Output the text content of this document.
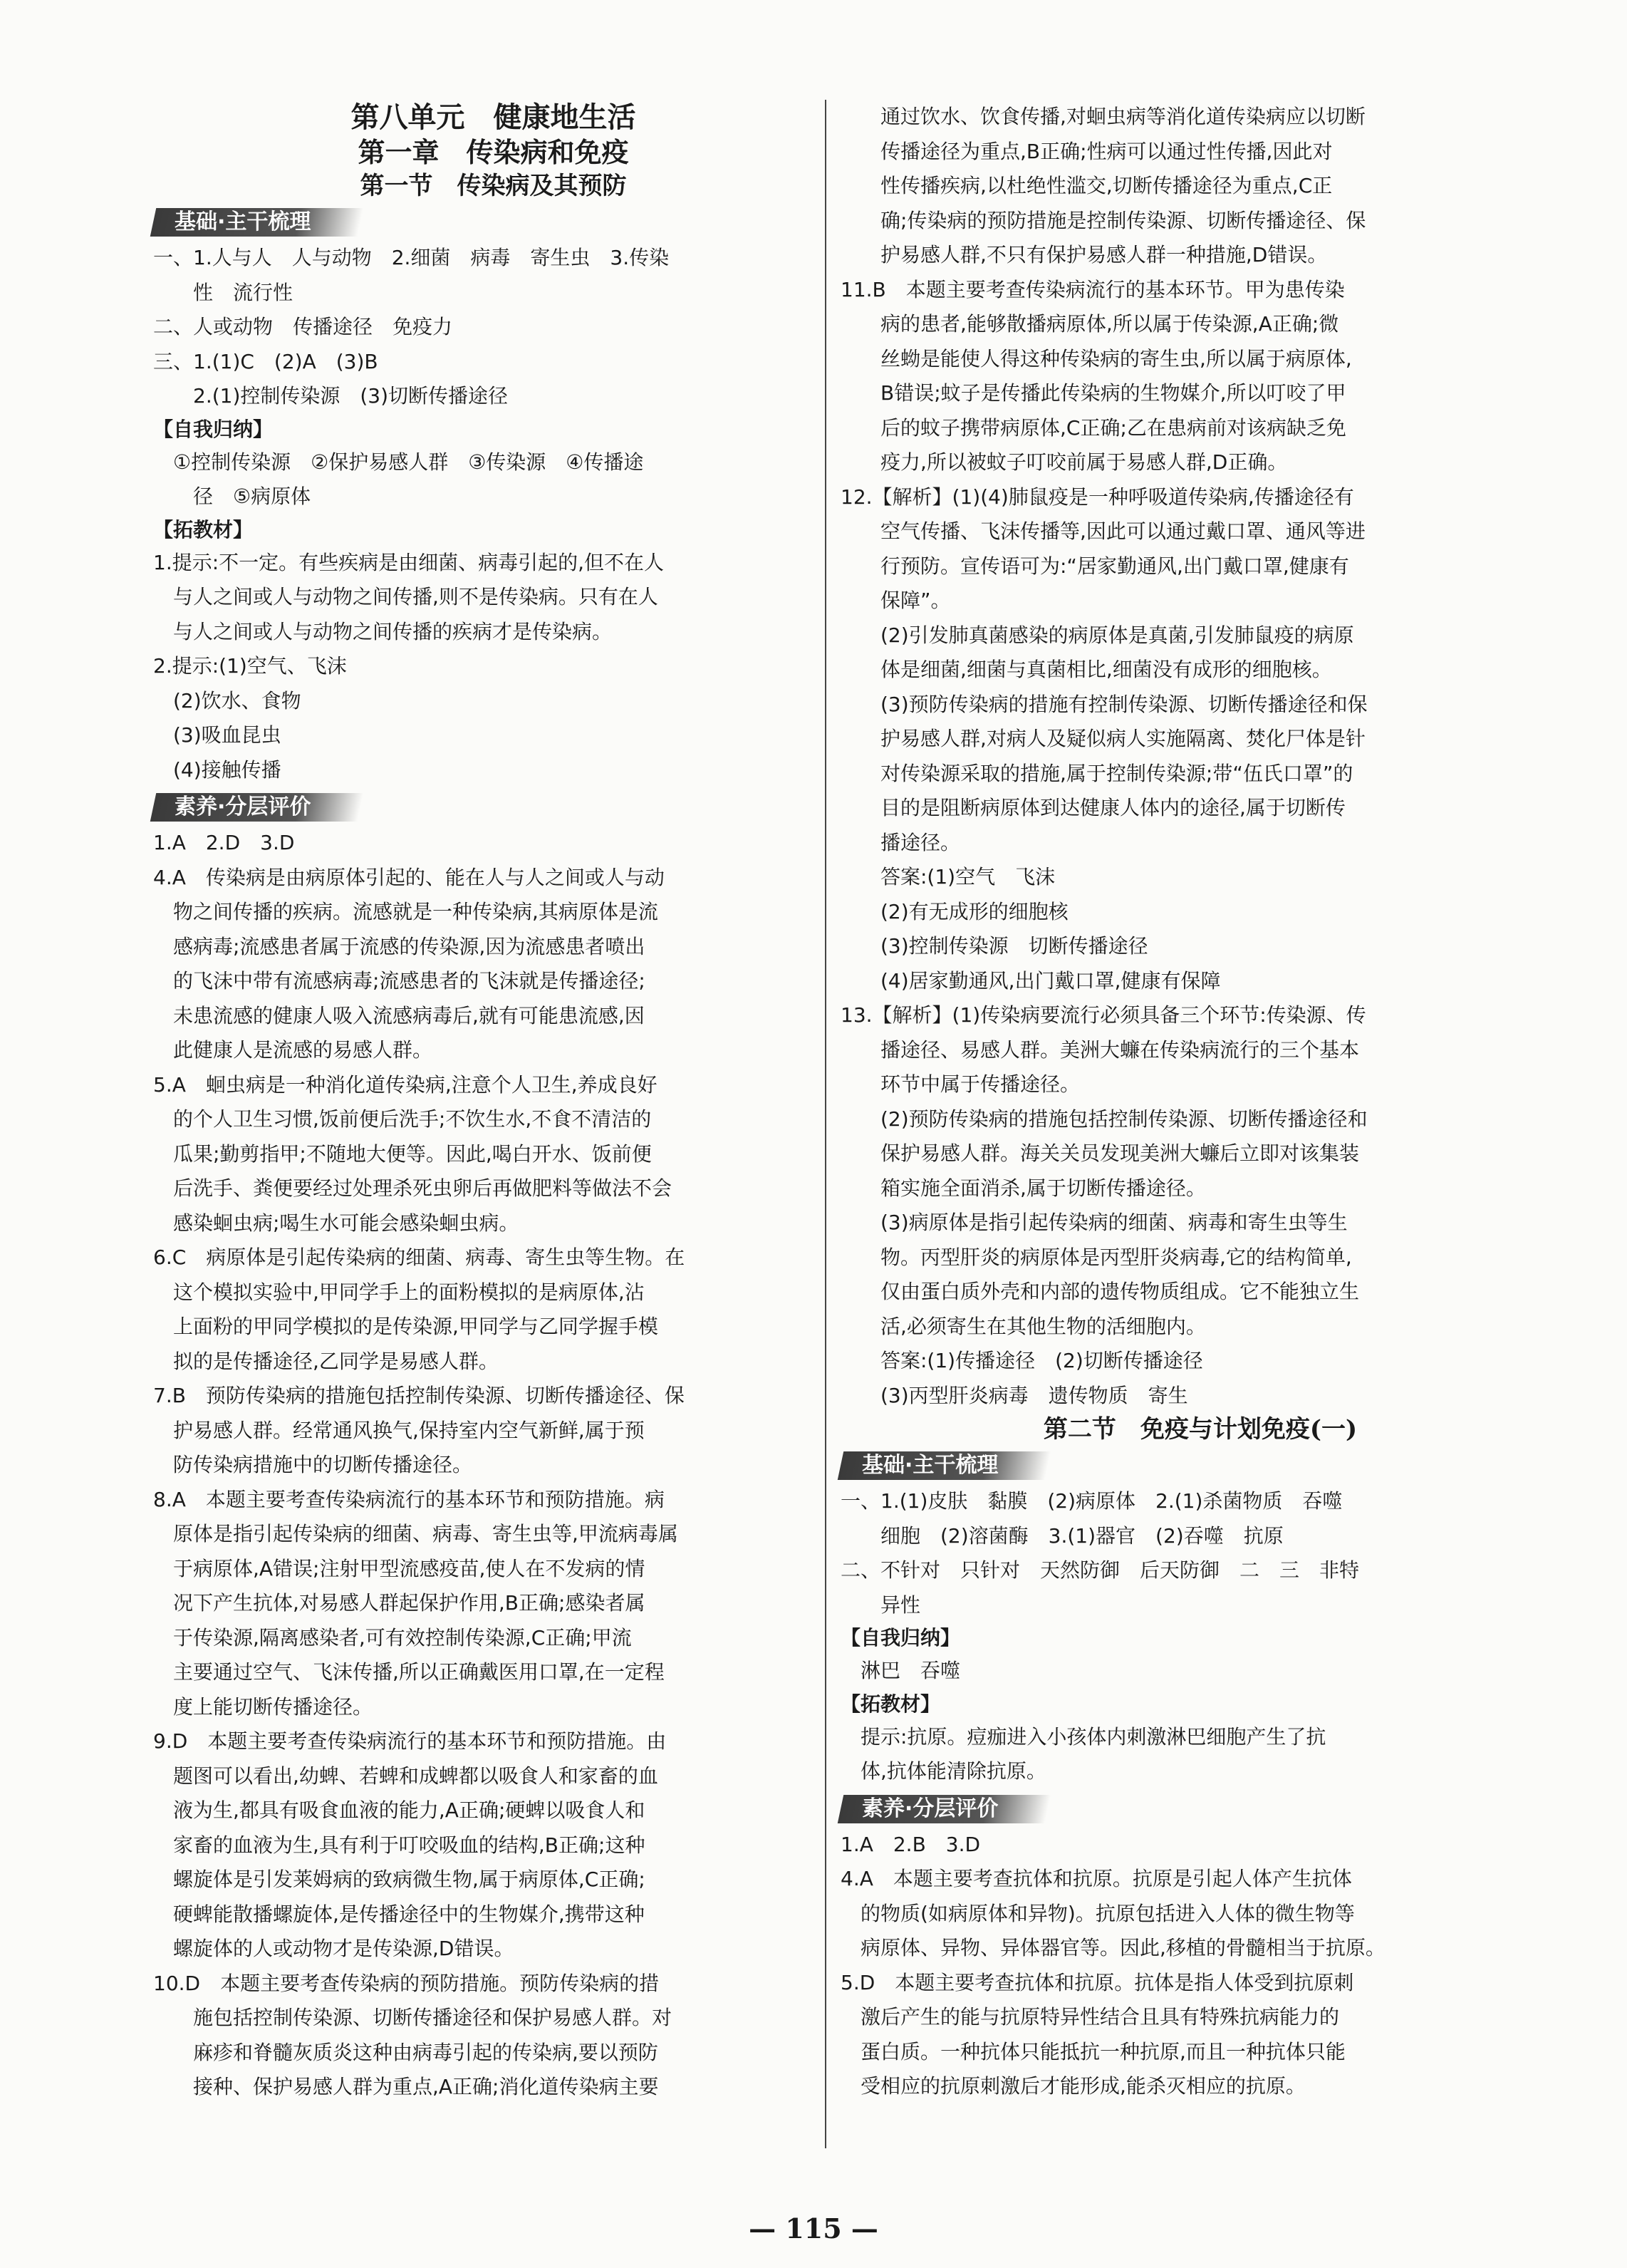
第八单元　健康地生活
第一章　传染病和免疫
第一节　传染病及其预防
基础·主干梳理
一、1.人与人　人与动物　2.细菌　病毒　寄生虫　3.传染
　　性　流行性
二、人或动物　传播途径　免疫力
三、1.(1)C　(2)A　(3)B
　　2.(1)控制传染源　(3)切断传播途径
【自我归纳】
　①控制传染源　②保护易感人群　③传染源　④传播途
　　径　⑤病原体
【拓教材】
1.提示:不一定。有些疾病是由细菌、病毒引起的,但不在人
　与人之间或人与动物之间传播,则不是传染病。只有在人
　与人之间或人与动物之间传播的疾病才是传染病。
2.提示:(1)空气、飞沫
　(2)饮水、食物
　(3)吸血昆虫
　(4)接触传播
素养·分层评价
1.A　2.D　3.D
4.A　传染病是由病原体引起的、能在人与人之间或人与动
　物之间传播的疾病。流感就是一种传染病,其病原体是流
　感病毒;流感患者属于流感的传染源,因为流感患者喷出
　的飞沫中带有流感病毒;流感患者的飞沫就是传播途径;
　未患流感的健康人吸入流感病毒后,就有可能患流感,因
　此健康人是流感的易感人群。
5.A　蛔虫病是一种消化道传染病,注意个人卫生,养成良好
　的个人卫生习惯,饭前便后洗手;不饮生水,不食不清洁的
　瓜果;勤剪指甲;不随地大便等。因此,喝白开水、饭前便
　后洗手、粪便要经过处理杀死虫卵后再做肥料等做法不会
　感染蛔虫病;喝生水可能会感染蛔虫病。
6.C　病原体是引起传染病的细菌、病毒、寄生虫等生物。在
　这个模拟实验中,甲同学手上的面粉模拟的是病原体,沾
　上面粉的甲同学模拟的是传染源,甲同学与乙同学握手模
　拟的是传播途径,乙同学是易感人群。
7.B　预防传染病的措施包括控制传染源、切断传播途径、保
　护易感人群。经常通风换气,保持室内空气新鲜,属于预
　防传染病措施中的切断传播途径。
8.A　本题主要考查传染病流行的基本环节和预防措施。病
　原体是指引起传染病的细菌、病毒、寄生虫等,甲流病毒属
　于病原体,A错误;注射甲型流感疫苗,使人在不发病的情
　况下产生抗体,对易感人群起保护作用,B正确;感染者属
　于传染源,隔离感染者,可有效控制传染源,C正确;甲流
　主要通过空气、飞沫传播,所以正确戴医用口罩,在一定程
　度上能切断传播途径。
9.D　本题主要考查传染病流行的基本环节和预防措施。由
　题图可以看出,幼蜱、若蜱和成蜱都以吸食人和家畜的血
　液为生,都具有吸食血液的能力,A正确;硬蜱以吸食人和
　家畜的血液为生,具有利于叮咬吸血的结构,B正确;这种
　螺旋体是引发莱姆病的致病微生物,属于病原体,C正确;
　硬蜱能散播螺旋体,是传播途径中的生物媒介,携带这种
　螺旋体的人或动物才是传染源,D错误。
10.D　本题主要考查传染病的预防措施。预防传染病的措
　　施包括控制传染源、切断传播途径和保护易感人群。对
　　麻疹和脊髓灰质炎这种由病毒引起的传染病,要以预防
　　接种、保护易感人群为重点,A正确;消化道传染病主要
　　通过饮水、饮食传播,对蛔虫病等消化道传染病应以切断
　　传播途径为重点,B正确;性病可以通过性传播,因此对
　　性传播疾病,以杜绝性滥交,切断传播途径为重点,C正
　　确;传染病的预防措施是控制传染源、切断传播途径、保
　　护易感人群,不只有保护易感人群一种措施,D错误。
11.B　本题主要考查传染病流行的基本环节。甲为患传染
　　病的患者,能够散播病原体,所以属于传染源,A正确;微
　　丝蚴是能使人得这种传染病的寄生虫,所以属于病原体,
　　B错误;蚊子是传播此传染病的生物媒介,所以叮咬了甲
　　后的蚊子携带病原体,C正确;乙在患病前对该病缺乏免
　　疫力,所以被蚊子叮咬前属于易感人群,D正确。
12.【解析】(1)(4)肺鼠疫是一种呼吸道传染病,传播途径有
　　空气传播、飞沫传播等,因此可以通过戴口罩、通风等进
　　行预防。宣传语可为:“居家勤通风,出门戴口罩,健康有
　　保障”。
　　(2)引发肺真菌感染的病原体是真菌,引发肺鼠疫的病原
　　体是细菌,细菌与真菌相比,细菌没有成形的细胞核。
　　(3)预防传染病的措施有控制传染源、切断传播途径和保
　　护易感人群,对病人及疑似病人实施隔离、焚化尸体是针
　　对传染源采取的措施,属于控制传染源;带“伍氏口罩”的
　　目的是阻断病原体到达健康人体内的途径,属于切断传
　　播途径。
　　答案:(1)空气　飞沫
　　(2)有无成形的细胞核
　　(3)控制传染源　切断传播途径
　　(4)居家勤通风,出门戴口罩,健康有保障
13.【解析】(1)传染病要流行必须具备三个环节:传染源、传
　　播途径、易感人群。美洲大蠊在传染病流行的三个基本
　　环节中属于传播途径。
　　(2)预防传染病的措施包括控制传染源、切断传播途径和
　　保护易感人群。海关关员发现美洲大蠊后立即对该集装
　　箱实施全面消杀,属于切断传播途径。
　　(3)病原体是指引起传染病的细菌、病毒和寄生虫等生
　　物。丙型肝炎的病原体是丙型肝炎病毒,它的结构简单,
　　仅由蛋白质外壳和内部的遗传物质组成。它不能独立生
　　活,必须寄生在其他生物的活细胞内。
　　答案:(1)传播途径　(2)切断传播途径
　　(3)丙型肝炎病毒　遗传物质　寄生
第二节　免疫与计划免疫(一)
基础·主干梳理
一、1.(1)皮肤　黏膜　(2)病原体　2.(1)杀菌物质　吞噬
　　细胞　(2)溶菌酶　3.(1)器官　(2)吞噬　抗原
二、不针对　只针对　天然防御　后天防御　二　三　非特
　　异性
【自我归纳】
　淋巴　吞噬
【拓教材】
　提示:抗原。痘痂进入小孩体内刺激淋巴细胞产生了抗
　体,抗体能清除抗原。
素养·分层评价
1.A　2.B　3.D
4.A　本题主要考查抗体和抗原。抗原是引起人体产生抗体
　的物质(如病原体和异物)。抗原包括进入人体的微生物等
　病原体、异物、异体器官等。因此,移植的骨髓相当于抗原。
5.D　本题主要考查抗体和抗原。抗体是指人体受到抗原刺
　激后产生的能与抗原特异性结合且具有特殊抗病能力的
　蛋白质。一种抗体只能抵抗一种抗原,而且一种抗体只能
　受相应的抗原刺激后才能形成,能杀灭相应的抗原。
— 115 —
